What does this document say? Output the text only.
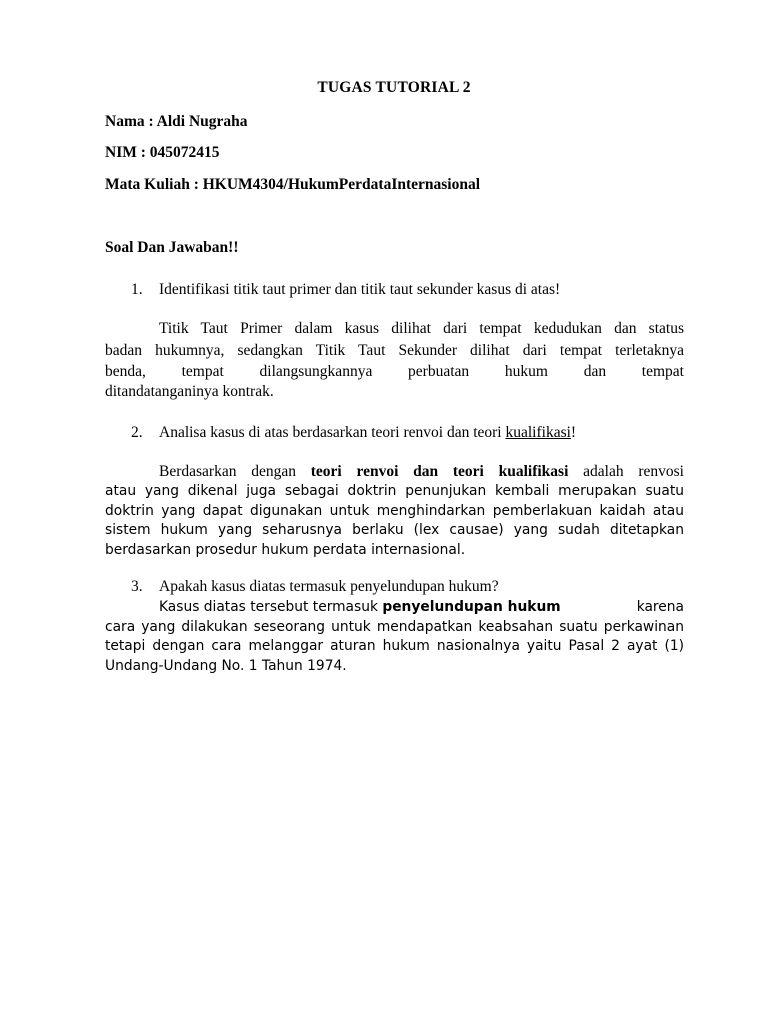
TUGAS TUTORIAL 2
Nama : Aldi Nugraha
NIM : 045072415
Mata Kuliah : HKUM4304/HukumPerdataInternasional
Soal Dan Jawaban!!
1. Identifikasi titik taut primer dan titik taut sekunder kasus di atas!
Titik Taut Primer dalam kasus dilihat dari tempat kedudukan dan status
badan hukumnya, sedangkan Titik Taut Sekunder dilihat dari tempat terletaknya
benda, tempat dilangsungkannya perbuatan hukum dan tempat
ditandatanganinya kontrak.
2. Analisa kasus di atas berdasarkan teori renvoi dan teori kualifikasi!
Berdasarkan dengan teori renvoi dan teori kualifikasi adalah renvosi
atau yang dikenal juga sebagai doktrin penunjukan kembali merupakan suatu
doktrin yang dapat digunakan untuk menghindarkan pemberlakuan kaidah atau
sistem hukum yang seharusnya berlaku (lex causae) yang sudah ditetapkan
berdasarkan prosedur hukum perdata internasional.
3. Apakah kasus diatas termasuk penyelundupan hukum?
Kasus diatas tersebut termasuk penyelundupan hukum	karena
cara yang dilakukan seseorang untuk mendapatkan keabsahan suatu perkawinan
tetapi dengan cara melanggar aturan hukum nasionalnya yaitu Pasal 2 ayat (1)
Undang-Undang No. 1 Tahun 1974.
